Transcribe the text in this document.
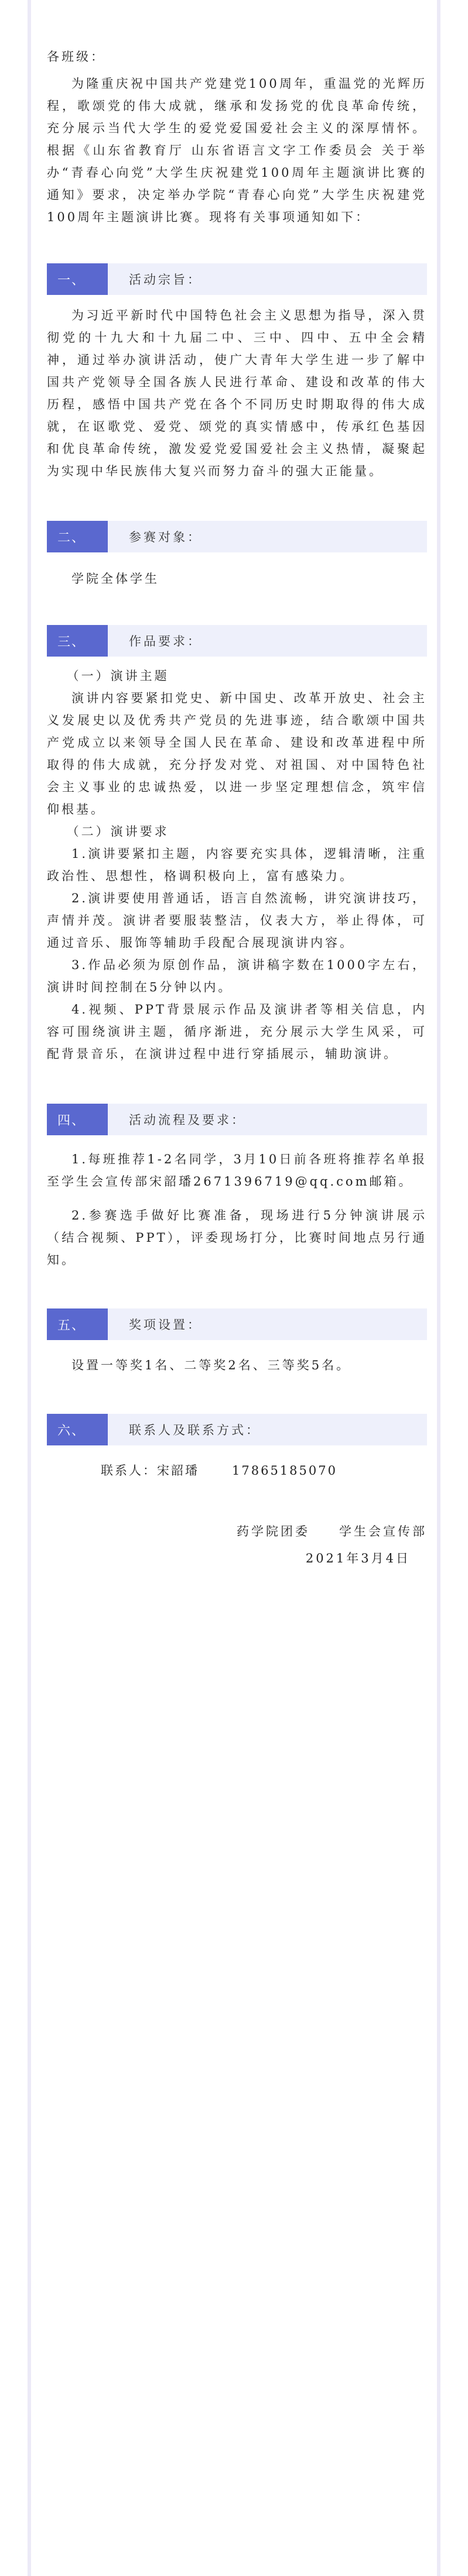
各班级：

为隆重庆祝中国共产党建党100周年，重温党的光辉历程，歌颂党的伟大成就，继承和发扬党的优良革命传统，充分展示当代大学生的爱党爱国爱社会主义的深厚情怀。根据《山东省教育厅 山东省语言文字工作委员会 关于举办“青春心向党”大学生庆祝建党100周年主题演讲比赛的通知》要求，决定举办学院“青春心向党”大学生庆祝建党100周年主题演讲比赛。现将有关事项通知如下：

一、	活动宗旨：

为习近平新时代中国特色社会主义思想为指导，深入贯彻党的十九大和十九届二中、三中、四中、五中全会精神，通过举办演讲活动，使广大青年大学生进一步了解中国共产党领导全国各族人民进行革命、建设和改革的伟大历程，感悟中国共产党在各个不同历史时期取得的伟大成就，在讴歌党、爱党、颂党的真实情感中，传承红色基因和优良革命传统，激发爱党爱国爱社会主义热情，凝聚起为实现中华民族伟大复兴而努力奋斗的强大正能量。

二、	参赛对象：

学院全体学生

三、	作品要求：

（一）演讲主题

演讲内容要紧扣党史、新中国史、改革开放史、社会主义发展史以及优秀共产党员的先进事迹，结合歌颂中国共产党成立以来领导全国人民在革命、建设和改革进程中所取得的伟大成就，充分抒发对党、对祖国、对中国特色社会主义事业的忠诚热爱，以进一步坚定理想信念，筑牢信仰根基。

（二）演讲要求

1.演讲要紧扣主题，内容要充实具体，逻辑清晰，注重政治性、思想性，格调积极向上，富有感染力。

2.演讲要使用普通话，语言自然流畅，讲究演讲技巧，声情并茂。演讲者要服装整洁，仪表大方，举止得体，可通过音乐、服饰等辅助手段配合展现演讲内容。

3.作品必须为原创作品，演讲稿字数在1000字左右，演讲时间控制在5分钟以内。

4.视频、PPT背景展示作品及演讲者等相关信息，内容可围绕演讲主题，循序渐进，充分展示大学生风采，可配背景音乐，在演讲过程中进行穿插展示，辅助演讲。

四、	活动流程及要求：

1.每班推荐1-2名同学，3月10日前各班将推荐名单报至学生会宣传部宋韶璠2671396719@qq.com邮箱。

2.参赛选手做好比赛准备，现场进行5分钟演讲展示（结合视频、PPT），评委现场打分，比赛时间地点另行通知。

五、	奖项设置：

设置一等奖1名、二等奖2名、三等奖5名。

六、	联系人及联系方式：

联系人：宋韶璠	17865185070

药学院团委　　学生会宣传部

2021年3月4日
